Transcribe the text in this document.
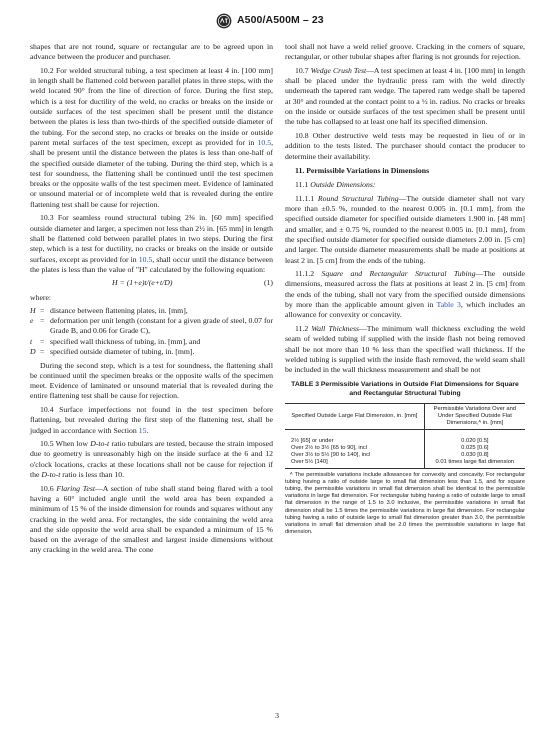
A500/A500M – 23

shapes that are not round, square or rectangular are to be agreed upon in advance between the producer and purchaser.

10.2 For welded structural tubing, a test specimen at least 4 in. [100 mm] in length shall be flattened cold between parallel plates in three steps, with the weld located 90° from the line of direction of force. During the first step, which is a test for ductility of the weld, no cracks or breaks on the inside or outside surfaces of the test specimen shall be present until the distance between the plates is less than two-thirds of the specified outside diameter of the tubing. For the second step, no cracks or breaks on the inside or outside parent metal surfaces of the test specimen, except as provided for in 10.5, shall be present until the distance between the plates is less than one-half of the specified outside diameter of the tubing. During the third step, which is a test for soundness, the flattening shall be continued until the test specimen breaks or the opposite walls of the test specimen meet. Evidence of laminated or unsound material or of incomplete weld that is revealed during the entire flattening test shall be cause for rejection.

10.3 For seamless round structural tubing 2⅜ in. [60 mm] specified outside diameter and larger, a specimen not less than 2½ in. [65 mm] in length shall be flattened cold between parallel plates in two steps. During the first step, which is a test for ductility, no cracks or breaks on the inside or outside surfaces, except as provided for in 10.5, shall occur until the distance between the plates is less than the value of "H" calculated by the following equation:

H = (1+e)t/(e+t/D)	(1)

where:

H = distance between flattening plates, in. [mm],
e = deformation per unit length (constant for a given grade of steel, 0.07 for Grade B, and 0.06 for Grade C),
t	= specified wall thickness of tubing, in. [mm], and
D = specified outside diameter of tubing, in. [mm].

During the second step, which is a test for soundness, the flattening shall be continued until the specimen breaks or the opposite walls of the specimen meet. Evidence of laminated or unsound material that is revealed during the entire flattening test shall be cause for rejection.

10.4 Surface imperfections not found in the test specimen before flattening, but revealed during the first step of the flattening test, shall be judged in accordance with Section 15.

10.5 When low D-to-t ratio tubulars are tested, because the strain imposed due to geometry is unreasonably high on the inside surface at the 6 and 12 o'clock locations, cracks at these locations shall not be cause for rejection if the D-to-t ratio is less than 10.

10.6 Flaring Test—A section of tube shall stand being flared with a tool having a 60° included angle until the weld area has been expanded a minimum of 15 % of the inside dimension for rounds and squares without any cracking in the weld area. For rectangles, the side containing the weld area and the side opposite the weld area shall be expanded a minimum of 15 % based on the average of the smallest and largest inside dimensions without any cracking in the weld area. The cone

tool shall not have a weld relief groove. Cracking in the corners of square, rectangular, or other tubular shapes after flaring is not grounds for rejection.

10.7 Wedge Crush Test—A test specimen at least 4 in. [100 mm] in length shall be placed under the hydraulic press ram with the weld directly underneath the tapered ram wedge. The tapered ram wedge shall be tapered at 30° and rounded at the contact point to a ½ in. radius. No cracks or breaks on the inside or outside surfaces of the test specimen shall be present until the tube has collapsed to at least one half its specified dimension.

10.8 Other destructive weld tests may be requested in lieu of or in addition to the tests listed. The purchaser should contact the producer to determine their availability.

11. Permissible Variations in Dimensions

11.1 Outside Dimensions:

11.1.1 Round Structural Tubing—The outside diameter shall not vary more than ±0.5 %, rounded to the nearest 0.005 in. [0.1 mm], from the specified outside diameter for specified outside diameters 1.900 in. [48 mm] and smaller, and ± 0.75 %, rounded to the nearest 0.005 in. [0.1 mm], from the specified outside diameter for specified outside diameters 2.00 in. [5 cm] and larger. The outside diameter measurements shall be made at positions at least 2 in. [5 cm] from the ends of the tubing.

11.1.2 Square and Rectangular Structural Tubing—The outside dimensions, measured across the flats at positions at least 2 in. [5 cm] from the ends of the tubing, shall not vary from the specified outside dimensions by more than the applicable amount given in Table 3, which includes an allowance for convexity or concavity.

11.2 Wall Thickness—The minimum wall thickness excluding the weld seam of welded tubing if supplied with the inside flash not being removed shall be not more than 10 % less than the specified wall thickness. If the welded tubing is supplied with the inside flash removed, the weld seam shall be included in the wall thickness measurement and shall be not

TABLE 3 Permissible Variations in Outside Flat Dimensions for Square and Rectangular Structural Tubing
Specified Outside Large Flat Dimension, in. [mm]	Permissible Variations Over and Under Specified Outside Flat Dimensions,ᴬ in. [mm]

2½ [65] or under	0.020 [0.5]
Over 2½ to 3½ [65 to 90], incl	0.025 [0.6]
Over 3½ to 5½ [90 to 140], incl	0.030 [0.8]
Over 5½ [140]	0.01 times large flat dimension
ᴬ The permissible variations include allowances for convexity and concavity. For rectangular tubing having a ratio of outside large to small flat dimension less than 1.5, and for square tubing, the permissible variations in small flat dimension shall be identical to the permissible variations in large flat dimension. For rectangular tubing having a ratio of outside large to small flat dimension in the range of 1.5 to 3.0 inclusive, the permissible variations in small flat dimension shall be 1.5 times the permissible variations in large flat dimension. For rectangular tubing having a ratio of outside large to small flat dimension greater than 3.0, the permissible variations in small flat dimension shall be 2.0 times the permissible variations in large flat dimension.
3
